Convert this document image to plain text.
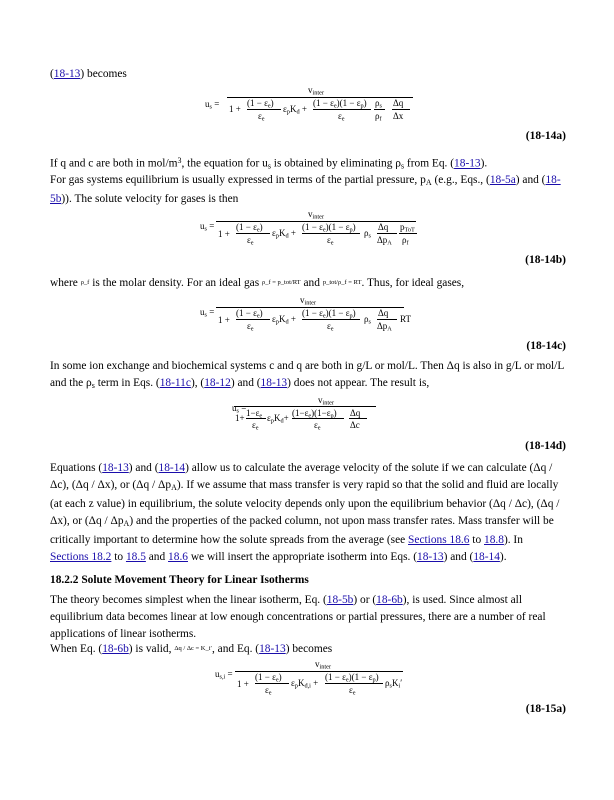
(18-13) becomes

$u_s$ =
$v_{inter}$
1 +
$(1 - \varepsilon_e)$
$\varepsilon_e$
$\varepsilon_pK_d$ +
$(1 - \varepsilon_e)(1 - \varepsilon_p)$
$\varepsilon_e$
$\rho_s$
$\rho_f$
Δq
Δx
(18-14a)

If q and c are both in mol/$m^3$, the equation for $u_s$ is obtained by eliminating $\rho_s$ from Eq. (18-13).

For gas systems equilibrium is usually expressed in terms of the partial pressure, $p_A$ (e.g., Eqs., (18-5a) and (18-5b)). The solute velocity for gases is then

$u_s$ =
$v_{inter}$
1 +
$(1 - \varepsilon_e)$
$\varepsilon_e$
$\varepsilon_pK_d$ +
$(1 - \varepsilon_e)(1 - \varepsilon_p)$
$\varepsilon_e$
$\rho_s$
Δq
$\Delta p_A$
$p_{ToT}$
$\rho_f$
(18-14b)

where ρ_f is the molar density. For an ideal gas ρ_f = p_tot/RT and p_tot/ρ_f = RT. Thus, for ideal gases,

$u_s$ =
$v_{inter}$
1 +
$(1 - \varepsilon_e)$
$\varepsilon_e$
$\varepsilon_pK_d$ +
$(1 - \varepsilon_e)(1 - \varepsilon_p)$
$\varepsilon_e$
$\rho_s$
Δq
$\Delta p_A$
RT
(18-14c)

In some ion exchange and biochemical systems c and q are both in g/L or mol/L. Then Δq is also in g/L or mol/L and the $\rho_s$ term in Eqs. (18-11c), (18-12) and (18-13) does not appear. The result is,

$u_s$ =
$v_{inter}$
$1+ 1-\varepsilon_e$
$\varepsilon_e$
$\varepsilon_pK_d+ (1-\varepsilon_e)(1-\varepsilon_p)$
$\varepsilon_e$
Δq
Δc
(18-14d)

Equations (18-13) and (18-14) allow us to calculate the average velocity of the solute if we can calculate (Δq / Δc), (Δq / Δx), or $(\Delta q / \Delta p_A)$. If we assume that mass transfer is very rapid so that the solid and fluid are locally (at each z value) in equilibrium, the solute velocity depends only upon the equilibrium behavior (Δq / Δc), (Δq / Δx), or $(\Delta q / \Delta p_A)$ and the properties of the packed column, not upon mass transfer rates. Mass transfer will be critically important to determine how the solute spreads from the average (see Sections 18.6 to 18.8). In Sections 18.2 to 18.5 and 18.6 we will insert the appropriate isotherm into Eqs. (18-13) and (18-14).

18.2.2 Solute Movement Theory for Linear Isotherms

The theory becomes simplest when the linear isotherm, Eq. (18-5b) or (18-6b), is used. Since almost all equilibrium data becomes linear at low enough concentrations or partial pressures, there are a number of real applications of linear isotherms.

When Eq. (18-6b) is valid, Δq / Δc = K_i′, and Eq. (18-13) becomes

$u_{s,i}$ =
$v_{inter}$
1 +
$(1 - \varepsilon_e)$
$\varepsilon_e$
$\varepsilon_pK_{d,i}$ +
$(1 - \varepsilon_e)(1 - \varepsilon_p)$
$\varepsilon_e$
$\rho_sK_i'$
(18-15a)
